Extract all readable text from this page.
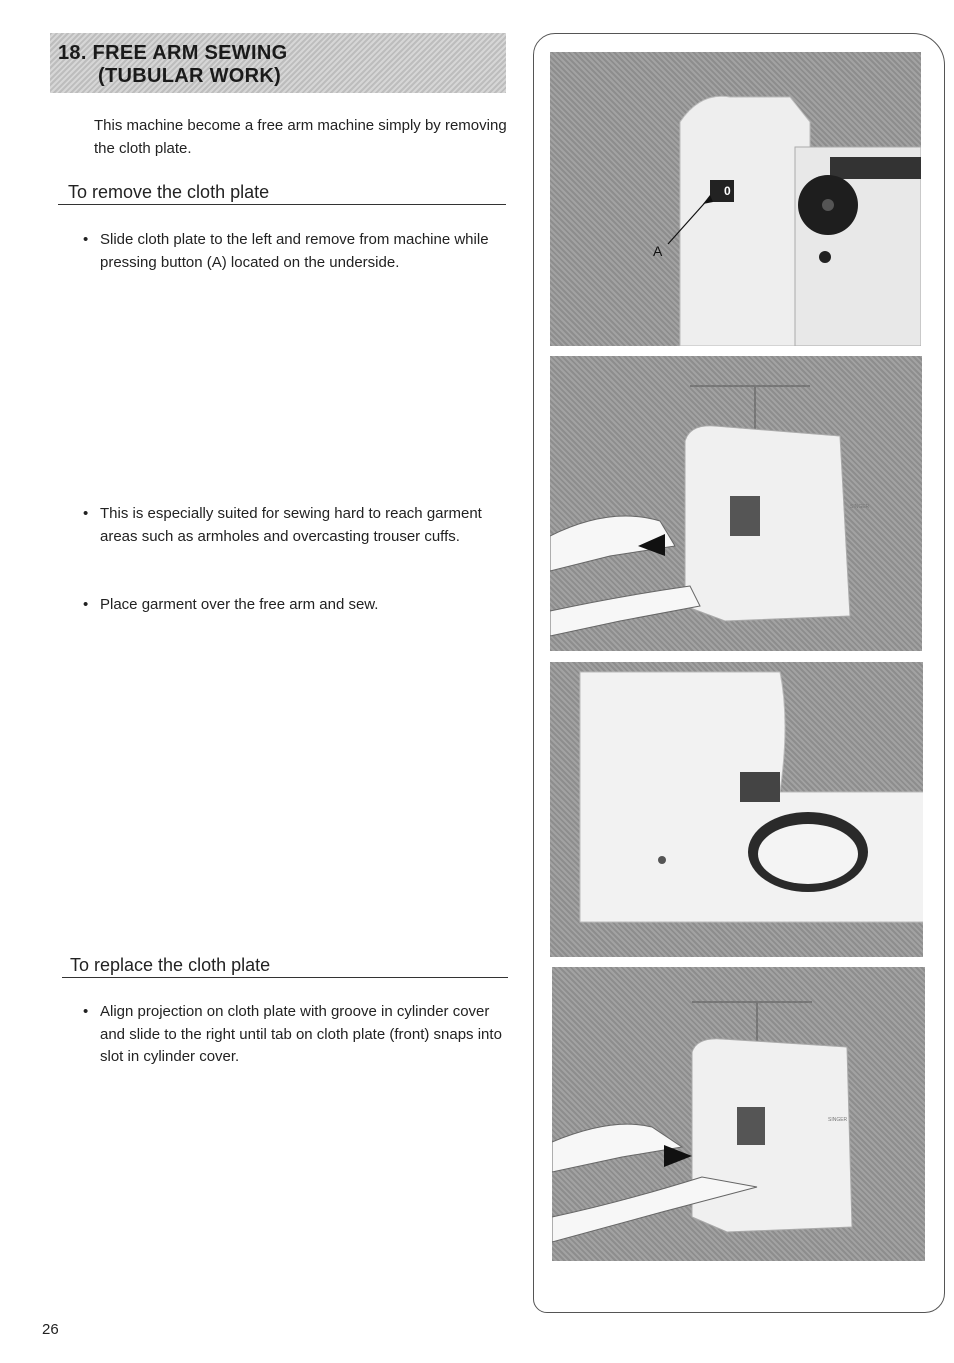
18. FREE ARM SEWING
(TUBULAR WORK)
This machine become a free arm machine simply by removing the cloth plate.
To remove the cloth plate
• Slide cloth plate to the left and remove from machine while pressing button (A) located on the underside.
• This is especially suited for sewing hard to reach garment areas such as armholes and overcasting trouser cuffs.
• Place garment over the free arm and sew.
To replace the cloth plate
• Align projection on cloth plate with groove in cylinder cover and slide to the right until tab on cloth plate (front) snaps into slot in cylinder cover.
26
A
0
SINGER
SINGER
